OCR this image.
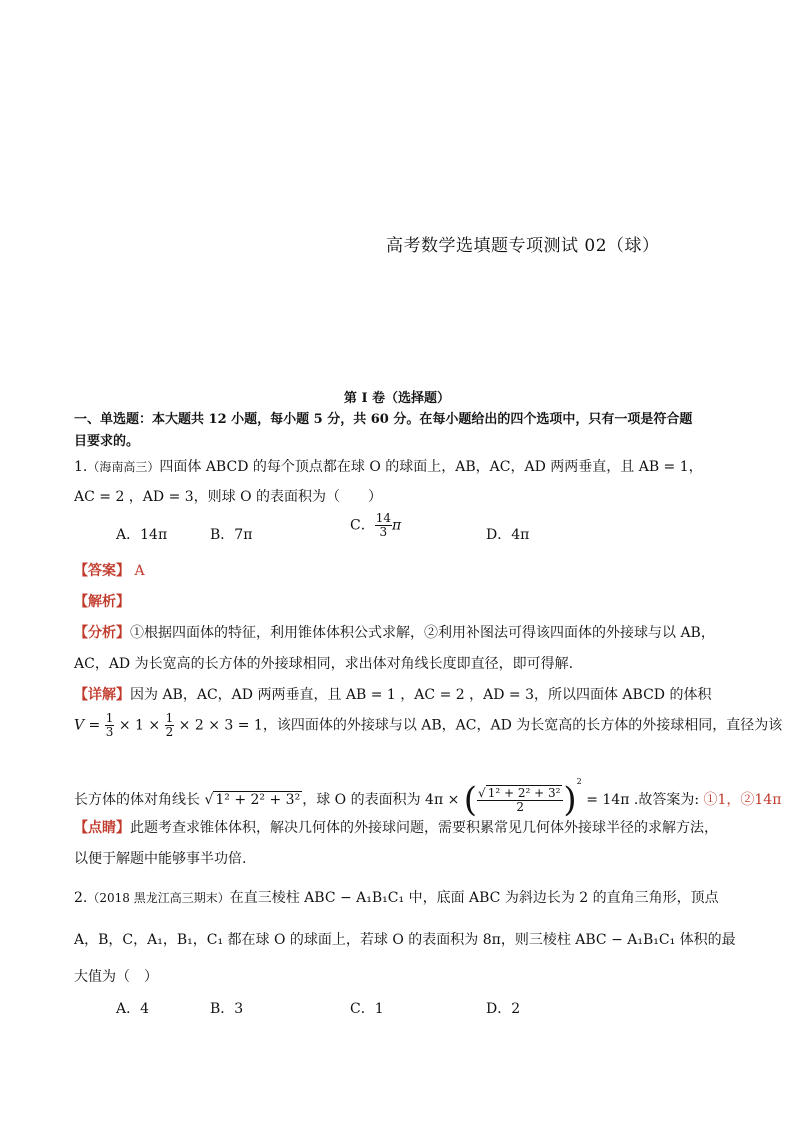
高考数学选填题专项测试 02（球）
第 I 卷（选择题）
一、单选题：本大题共 12 小题，每小题 5 分，共 60 分。在每小题给出的四个选项中，只有一项是符合题
目要求的。
1.（海南高三）四面体 ABCD 的每个顶点都在球 O 的球面上，AB，AC，AD 两两垂直，且 AB = 1，
AC = 2 ，AD = 3，则球 O 的表面积为（　　）
A．14π	B．7π
C． $\frac{14}{3}$ π
D．4π
【答案】 A
【解析】
【分析】①根据四面体的特征，利用锥体体积公式求解，②利用补图法可得该四面体的外接球与以 AB，
AC，AD 为长宽高的长方体的外接球相同，求出体对角线长度即直径，即可得解.
【详解】因为 AB，AC，AD 两两垂直，且 AB = 1 ，AC = 2 ，AD = 3，所以四面体 ABCD 的体积
$V = \frac{1}{3} \times 1 \times \frac{1}{2} \times 2 \times 3 = 1$，该四面体的外接球与以 AB，AC，AD 为长宽高的长方体的外接球相同，直径为该
长方体的体对角线长 √ 1² + 2² + 3² ，球 O 的表面积为 4π × ( $\frac{\text{√ 1² + 2² + 3²}}{2} )^2 = 14\pi$ .故答案为: ①1，②14π
【点睛】此题考查求锥体体积，解决几何体的外接球问题，需要积累常见几何体外接球半径的求解方法，
以便于解题中能够事半功倍.
2.（2018 黑龙江高三期末）在直三棱柱 ABC − A₁B₁C₁ 中，底面 ABC 为斜边长为 2 的直角三角形，顶点
A，B，C，A₁，B₁，C₁ 都在球 O 的球面上，若球 O 的表面积为 8π，则三棱柱 ABC − A₁B₁C₁ 体积的最
大值为（　）
A．4	B．3	C．1	D．2
